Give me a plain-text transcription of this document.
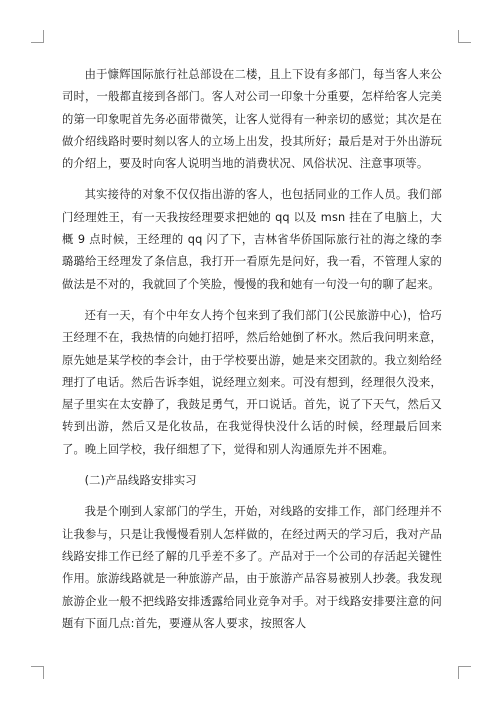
由于慷辉国际旅行社总部设在二楼，且上下设有多部门，每当客人来公司时，一般都直接到各部门。客人对公司一印象十分重要，怎样给客人完美的第一印象呢首先务必面带微笑，让客人觉得有一种亲切的感觉；其次是在做介绍线路时要时刻以客人的立场上出发，投其所好；最后是对于外出游玩的介绍上，要及时向客人说明当地的消费状况、风俗状况、注意事项等。

其实接待的对象不仅仅指出游的客人，也包括同业的工作人员。我们部门经理姓王，有一天我按经理要求把她的 qq 以及 msn 挂在了电脑上，大概 9 点时候，王经理的 qq 闪了下，吉林省华侨国际旅行社的海之缘的李璐璐给王经理发了条信息，我打开一看原先是问好，我一看，不管理人家的做法是不对的，我就回了个笑脸，慢慢的我和她有一句没一句的聊了起来。

还有一天，有个中年女人挎个包来到了我们部门(公民旅游中心)，恰巧王经理不在，我热情的向她打招呼，然后给她倒了杯水。然后我问明来意，原先她是某学校的李会计，由于学校要出游，她是来交团款的。我立刻给经理打了电话。然后告诉李姐，说经理立刻来。可没有想到，经理很久没来，屋子里实在太安静了，我鼓足勇气，开口说话。首先，说了下天气，然后又转到出游，然后又是化妆品，在我觉得快没什么话的时候，经理最后回来了。晚上回学校，我仔细想了下，觉得和别人沟通原先并不困难。

(二)产品线路安排实习

我是个刚到人家部门的学生，开始，对线路的安排工作，部门经理并不让我参与，只是让我慢慢看别人怎样做的，在经过两天的学习后，我对产品线路安排工作已经了解的几乎差不多了。产品对于一个公司的存活起关键性作用。旅游线路就是一种旅游产品，由于旅游产品容易被别人抄袭。我发现旅游企业一般不把线路安排透露给同业竞争对手。对于线路安排要注意的问题有下面几点:首先，要遵从客人要求，按照客人
